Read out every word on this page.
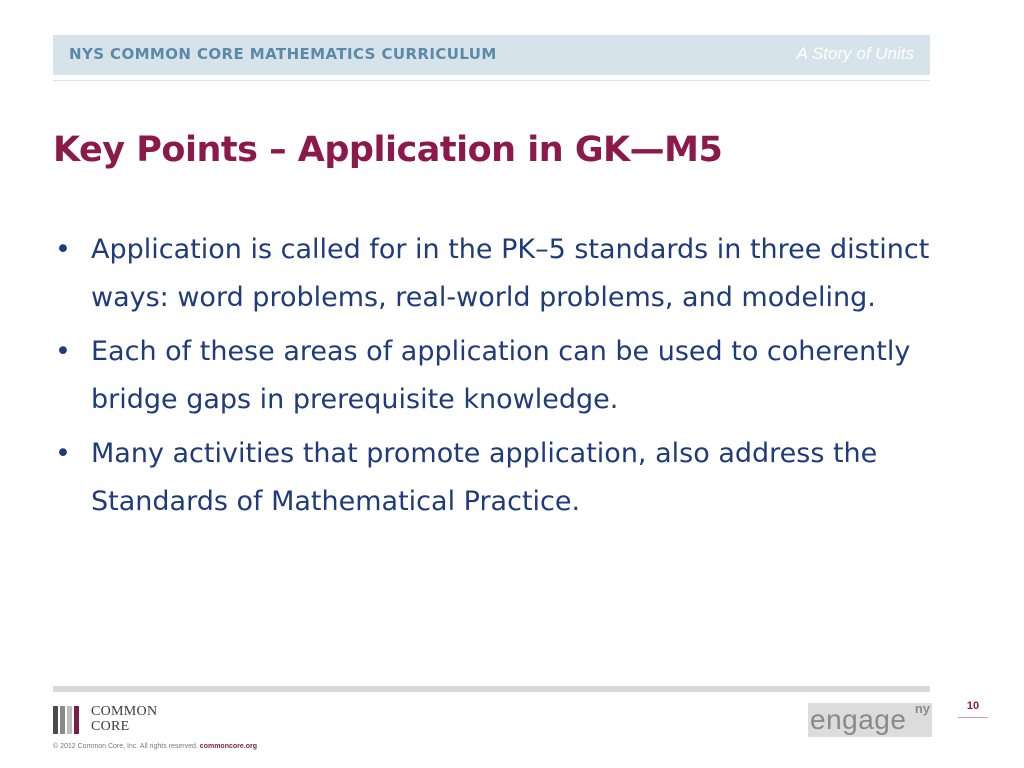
NYS COMMON CORE MATHEMATICS CURRICULUM	A Story of Units
Key Points – Application in GK—M5
• Application is called for in the PK–5 standards in three distinct ways: word problems, real-world problems, and modeling.
• Each of these areas of application can be used to coherently bridge gaps in prerequisite knowledge.
• Many activities that promote application, also address the Standards of Mathematical Practice.
COMMON
CORE
© 2012 Common Core, Inc. All rights reserved. commoncore.org
engage ny	10
